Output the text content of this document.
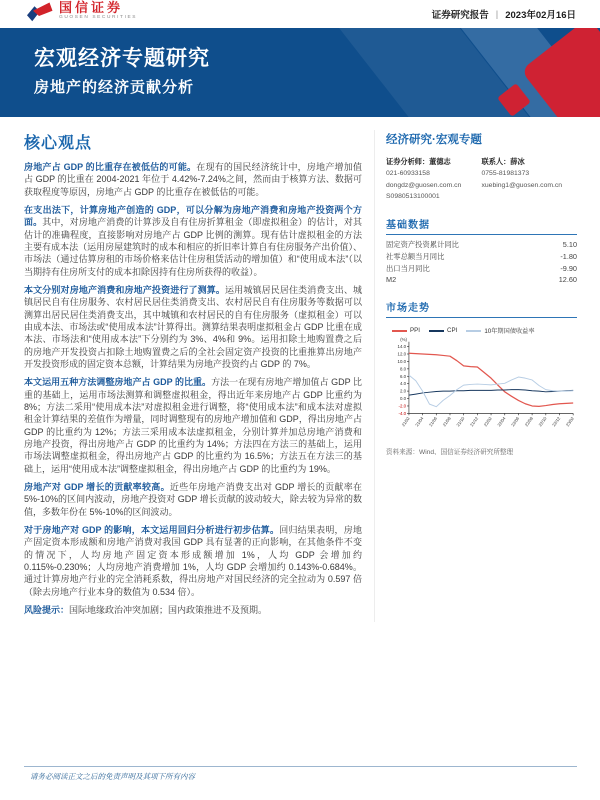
国信证券
GUOSEN SECURITIES	证券研究报告 | 2023年02月16日
宏观经济专题研究
房地产的经济贡献分析
核心观点

房地产占 GDP 的比重存在被低估的可能。在现有的国民经济统计中，房地产增加值占 GDP 的比重在 2004-2021 年位于 4.42%-7.24%之间，然而由于核算方法、数据可获取程度等原因，房地产占 GDP 的比重存在被低估的可能。

在支出法下，计算房地产创造的 GDP，可以分解为房地产消费和房地产投资两个方面。其中，对房地产消费的计算涉及自有住房折算租金（即虚拟租金）的估计，对其估计的准确程度，直接影响对房地产占 GDP 比例的测算。现有估计虚拟租金的方法主要有成本法（运用房屋建筑时的成本和相应的折旧率计算自有住房服务产出价值）、市场法（通过估算房租的市场价格来估计住房租赁活动的增加值）和“使用成本法”（以当期持有住房所支付的成本扣除因持有住房所获得的收益）。

本文分别对房地产消费和房地产投资进行了测算。运用城镇居民居住类消费支出、城镇居民自有住房服务、农村居民居住类消费支出、农村居民自有住房服务等数据可以测算出居民居住类消费支出，其中城镇和农村居民的自有住房服务（虚拟租金）可以由成本法、市场法或“使用成本法”计算得出。测算结果表明虚拟租金占 GDP 比重在成本法、市场法和“使用成本法”下分别约为 3%、4%和 9%。运用扣除土地购置费之后的房地产开发投资占扣除土地购置费之后的全社会固定资产投资的比重推算出房地产开发投资形成的固定资本总额，计算结果为房地产投资约占 GDP 的 7%。

本文运用五种方法调整房地产占 GDP 的比重。方法一在现有房地产增加值占 GDP 比重的基础上，运用市场法测算和调整虚拟租金，得出近年来房地产占 GDP 比重约为 8%；方法二采用“使用成本法”对虚拟租金进行调整，将“使用成本法”和成本法对虚拟租金计算结果的差值作为增量，同时调整现有的房地产增加值和 GDP，得出房地产占 GDP 的比重约为 12%；方法三采用成本法虚拟租金，分别计算并加总房地产消费和房地产投资，得出房地产占 GDP 的比重约为 14%；方法四在方法三的基础上，运用市场法调整虚拟租金，得出房地产占 GDP 的比重约为 16.5%；方法五在方法三的基础上，运用“使用成本法”调整虚拟租金，得出房地产占 GDP 的比重约为 19%。

房地产对 GDP 增长的贡献率较高。近些年房地产消费支出对 GDP 增长的贡献率在 5%-10%的区间内波动，房地产投资对 GDP 增长贡献的波动较大，除去较为异常的数值，多数年份在 5%-10%的区间波动。

对于房地产对 GDP 的影响，本文运用回归分析进行初步估算。回归结果表明，房地产固定资本形成额和房地产消费对我国 GDP 具有显著的正向影响，在其他条件不变的情况下，人均房地产固定资本形成额增加 1%，人均 GDP 会增加约 0.115%-0.230%；人均房地产消费增加 1%，人均 GDP 会增加约 0.143%-0.684%。通过计算房地产行业的完全消耗系数，得出房地产对国民经济的完全拉动为 0.597 倍（除去房地产行业本身的数值为 0.534 倍）。

风险提示：国际地缘政治冲突加剧；国内政策推进不及预期。

经济研究·宏观专题
证券分析师：董德志
021-60933158
dongdz@guosen.com.cn
S0980513100001
联系人：薛冰
0755-81981373
xuebing1@guosen.com.cn
基础数据
固定资产投资累计同比	5.10
社零总额当月同比	-1.80
出口当月同比	-9.90
M2	12.60
市场走势
PPI	CPI	10年期国债收益率
14.0
12.0
10.0
8.0
6.0
4.0
2.0
0.0
-2.0
-4.0
(%)
21/02 21/04 21/06 21/08 21/10 21/12 22/02 22/04 22/06 22/08 22/10 22/12 23/02
资料来源：Wind、国信证券经济研究所整理
请务必阅读正文之后的免责声明及其项下所有内容
